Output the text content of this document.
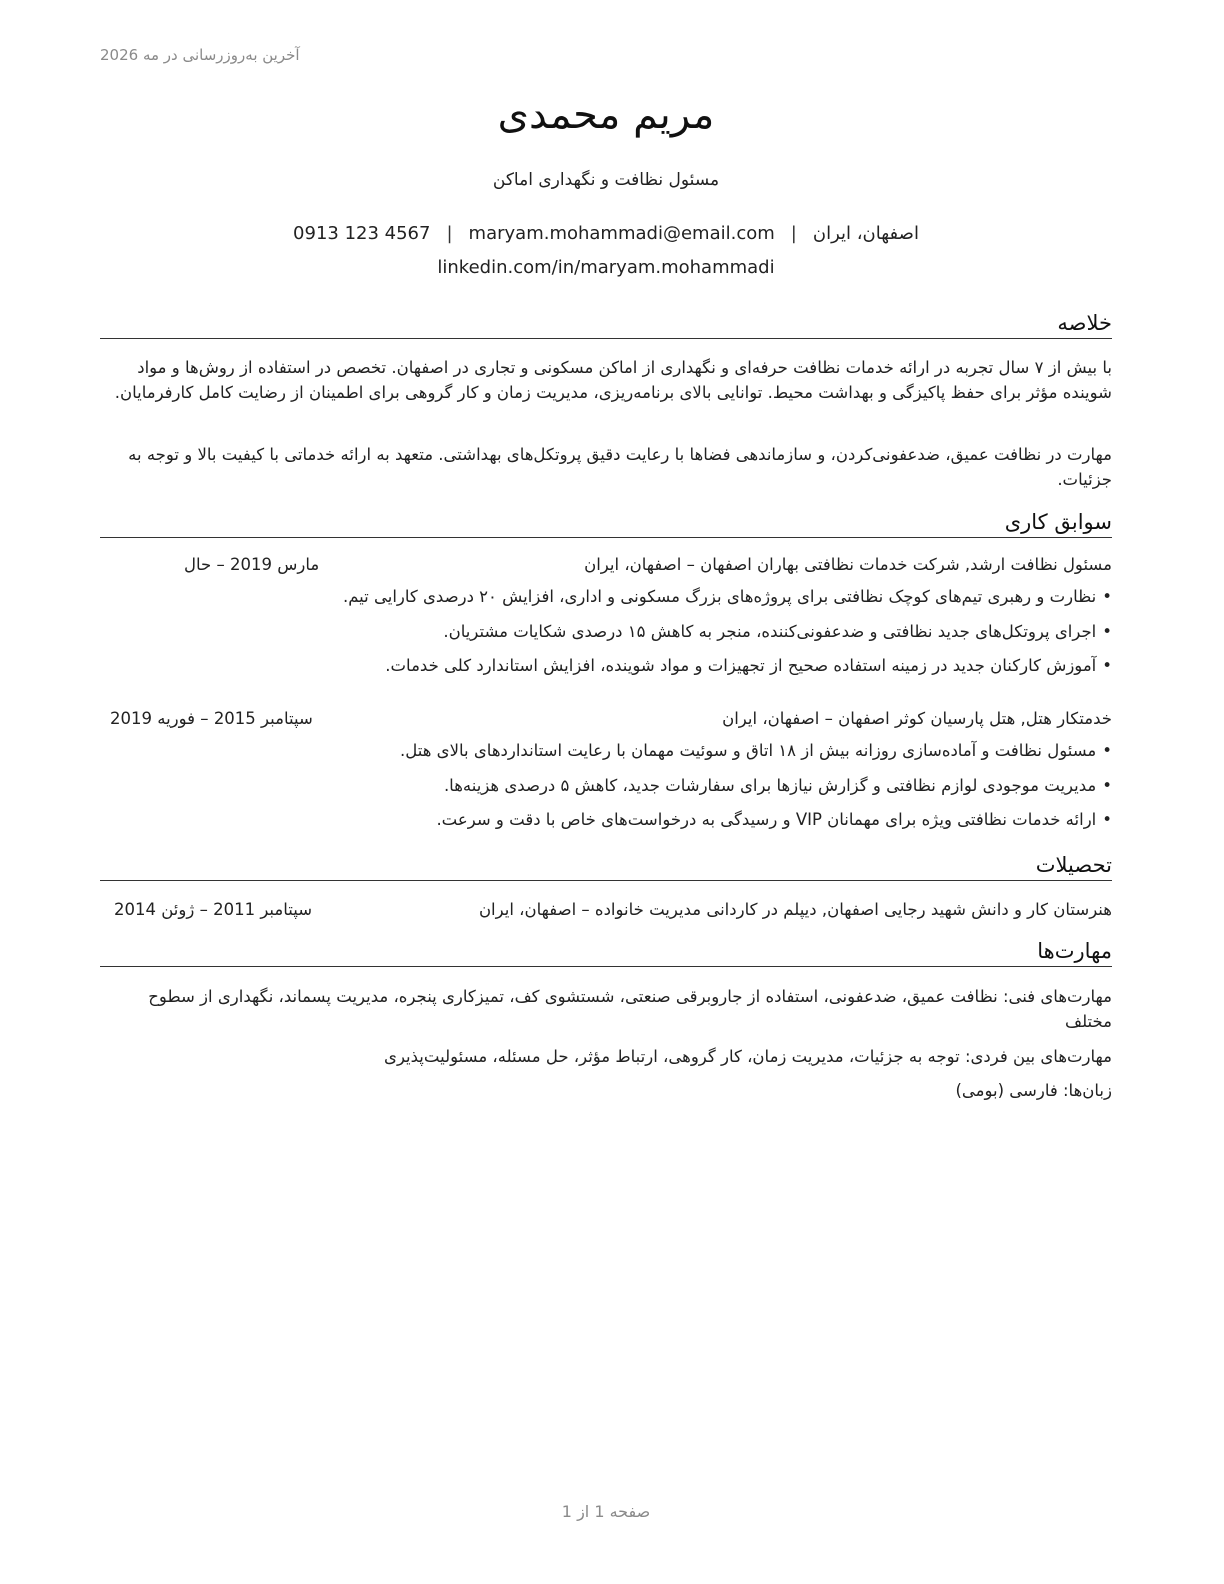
آخرین به‌روزرسانی در مه 2026
مریم محمدی
مسئول نظافت و نگهداری اماکن
اصفهان، ایران|maryam.mohammadi@email.com|0913 123 4567
linkedin.com/in/maryam.mohammadi
خلاصه
با بیش از ۷ سال تجربه در ارائه خدمات نظافت حرفه‌ای و نگهداری از اماکن مسکونی و تجاری در اصفهان. تخصص در استفاده از روش‌ها و مواد شوینده مؤثر برای حفظ پاکیزگی و بهداشت محیط. توانایی بالای برنامه‌ریزی، مدیریت زمان و کار گروهی برای اطمینان از رضایت کامل کارفرمایان.
مهارت در نظافت عمیق، ضدعفونی‌کردن، و سازماندهی فضاها با رعایت دقیق پروتکل‌های بهداشتی. متعهد به ارائه خدماتی با کیفیت بالا و توجه به جزئیات.
سوابق کاری
مسئول نظافت ارشد, شرکت خدمات نظافتی بهاران اصفهان – اصفهان، ایران
مارس 2019 – حال
•نظارت و رهبری تیم‌های کوچک نظافتی برای پروژه‌های بزرگ مسکونی و اداری، افزایش ۲۰ درصدی کارایی تیم.
•اجرای پروتکل‌های جدید نظافتی و ضدعفونی‌کننده، منجر به کاهش ۱۵ درصدی شکایات مشتریان.
•آموزش کارکنان جدید در زمینه استفاده صحیح از تجهیزات و مواد شوینده، افزایش استاندارد کلی خدمات.
خدمتکار هتل, هتل پارسیان کوثر اصفهان – اصفهان، ایران
سپتامبر 2015 – فوریه 2019
•مسئول نظافت و آماده‌سازی روزانه بیش از ۱۸ اتاق و سوئیت مهمان با رعایت استانداردهای بالای هتل.
•مدیریت موجودی لوازم نظافتی و گزارش نیازها برای سفارشات جدید، کاهش ۵ درصدی هزینه‌ها.
•ارائه خدمات نظافتی ویژه برای مهمانان VIP و رسیدگی به درخواست‌های خاص با دقت و سرعت.
تحصیلات
هنرستان کار و دانش شهید رجایی اصفهان, دیپلم در کاردانی مدیریت خانواده – اصفهان، ایران
سپتامبر 2011 – ژوئن 2014
مهارت‌ها
مهارت‌های فنی: نظافت عمیق، ضدعفونی، استفاده از جاروبرقی صنعتی، شستشوی کف، تمیزکاری پنجره، مدیریت پسماند، نگهداری از سطوح مختلف
مهارت‌های بین فردی: توجه به جزئیات، مدیریت زمان، کار گروهی، ارتباط مؤثر، حل مسئله، مسئولیت‌پذیری
زبان‌ها: فارسی (بومی)
صفحه 1 از 1
